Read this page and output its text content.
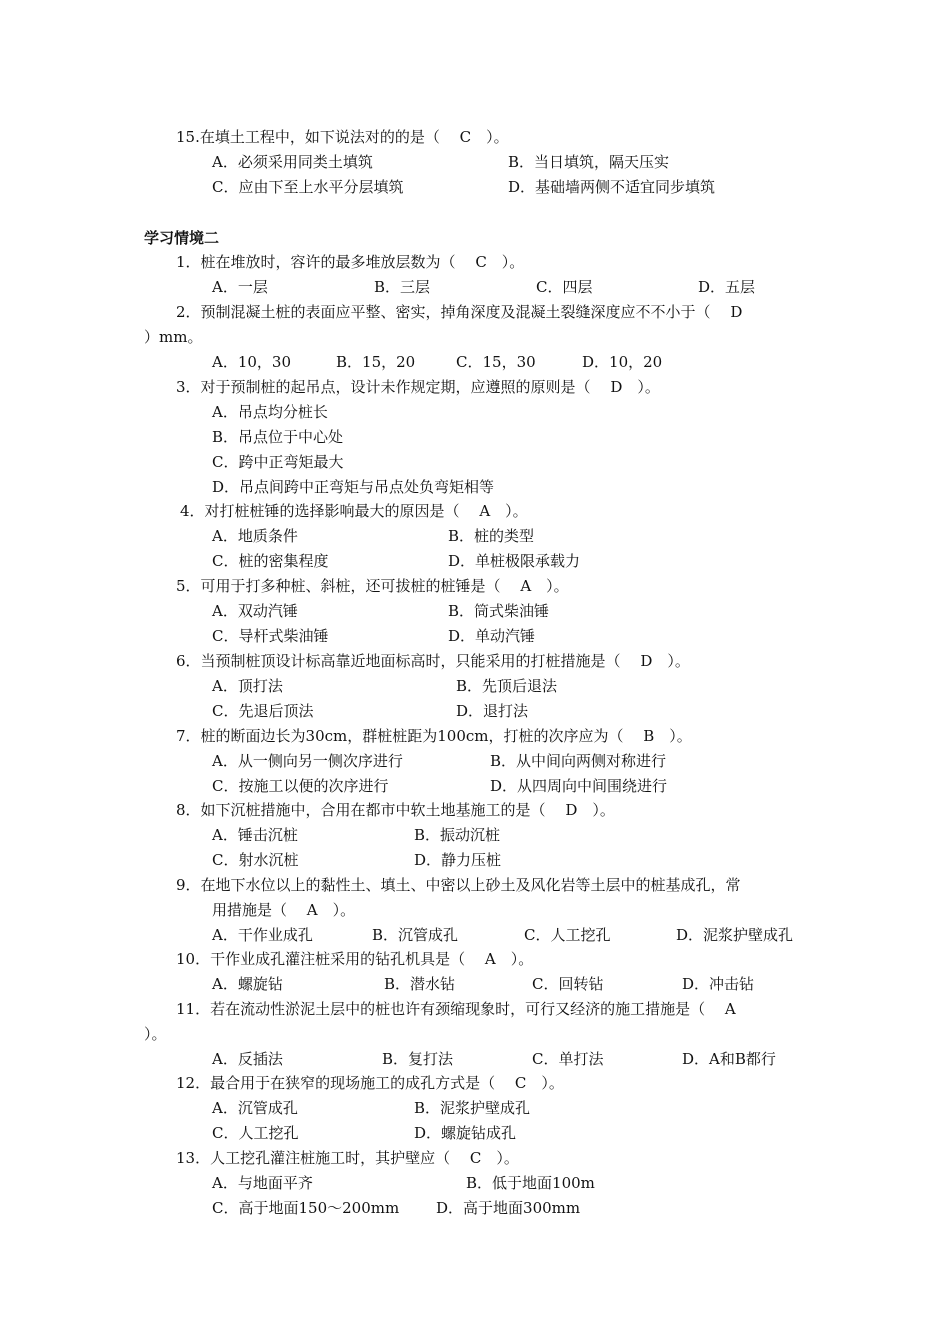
15.在填土工程中，如下说法对的的是（　 C　）。
A．必须采用同类土填筑	B．当日填筑，隔天压实
C．应由下至上水平分层填筑	D．基础墙两侧不适宜同步填筑
学习情境二
1．桩在堆放时，容许的最多堆放层数为（　 C　）。
A．一层	B．三层	C．四层	D．五层
2．预制混凝土桩的表面应平整、密实，掉角深度及混凝土裂缝深度应不不小于（　 D
）mm。
A．10，30	B．15，20	C．15，30	D．10，20
3．对于预制桩的起吊点，设计未作规定期，应遵照的原则是（　 D　）。
A．吊点均分桩长
B．吊点位于中心处
C．跨中正弯矩最大
D．吊点间跨中正弯矩与吊点处负弯矩相等
4．对打桩桩锤的选择影响最大的原因是（　 A　）。
A．地质条件	B．桩的类型
C．桩的密集程度	D．单桩极限承载力
5．可用于打多种桩、斜桩，还可拔桩的桩锤是（　 A　）。
A．双动汽锤	B．筒式柴油锤
C．导杆式柴油锤	D．单动汽锤
6．当预制桩顶设计标高靠近地面标高时，只能采用的打桩措施是（　 D　）。
A．顶打法	B．先顶后退法
C．先退后顶法	D．退打法
7．桩的断面边长为30cm，群桩桩距为100cm，打桩的次序应为（　 B　）。
A．从一侧向另一侧次序进行	B．从中间向两侧对称进行
C．按施工以便的次序进行	D．从四周向中间围绕进行
8．如下沉桩措施中，合用在都市中软土地基施工的是（　 D　）。
A．锤击沉桩	B．振动沉桩
C．射水沉桩	D．静力压桩
9．在地下水位以上的黏性土、填土、中密以上砂土及风化岩等土层中的桩基成孔，常
用措施是（　 A　）。
A．干作业成孔	B．沉管成孔	C．人工挖孔	D．泥浆护壁成孔
10．干作业成孔灌注桩采用的钻孔机具是（　 A　）。
A．螺旋钻	B．潜水钻	C．回转钻	D．冲击钻
11．若在流动性淤泥土层中的桩也许有颈缩现象时，可行又经济的施工措施是（　 A
）。
A．反插法	B．复打法	C．单打法	D．A和B都行
12．最合用于在狭窄的现场施工的成孔方式是（　 C　）。
A．沉管成孔	B．泥浆护壁成孔
C．人工挖孔	D．螺旋钻成孔
13．人工挖孔灌注桩施工时，其护壁应（　 C　）。
A．与地面平齐	B．低于地面100m
C．高于地面150～200mm D．高于地面300mm
